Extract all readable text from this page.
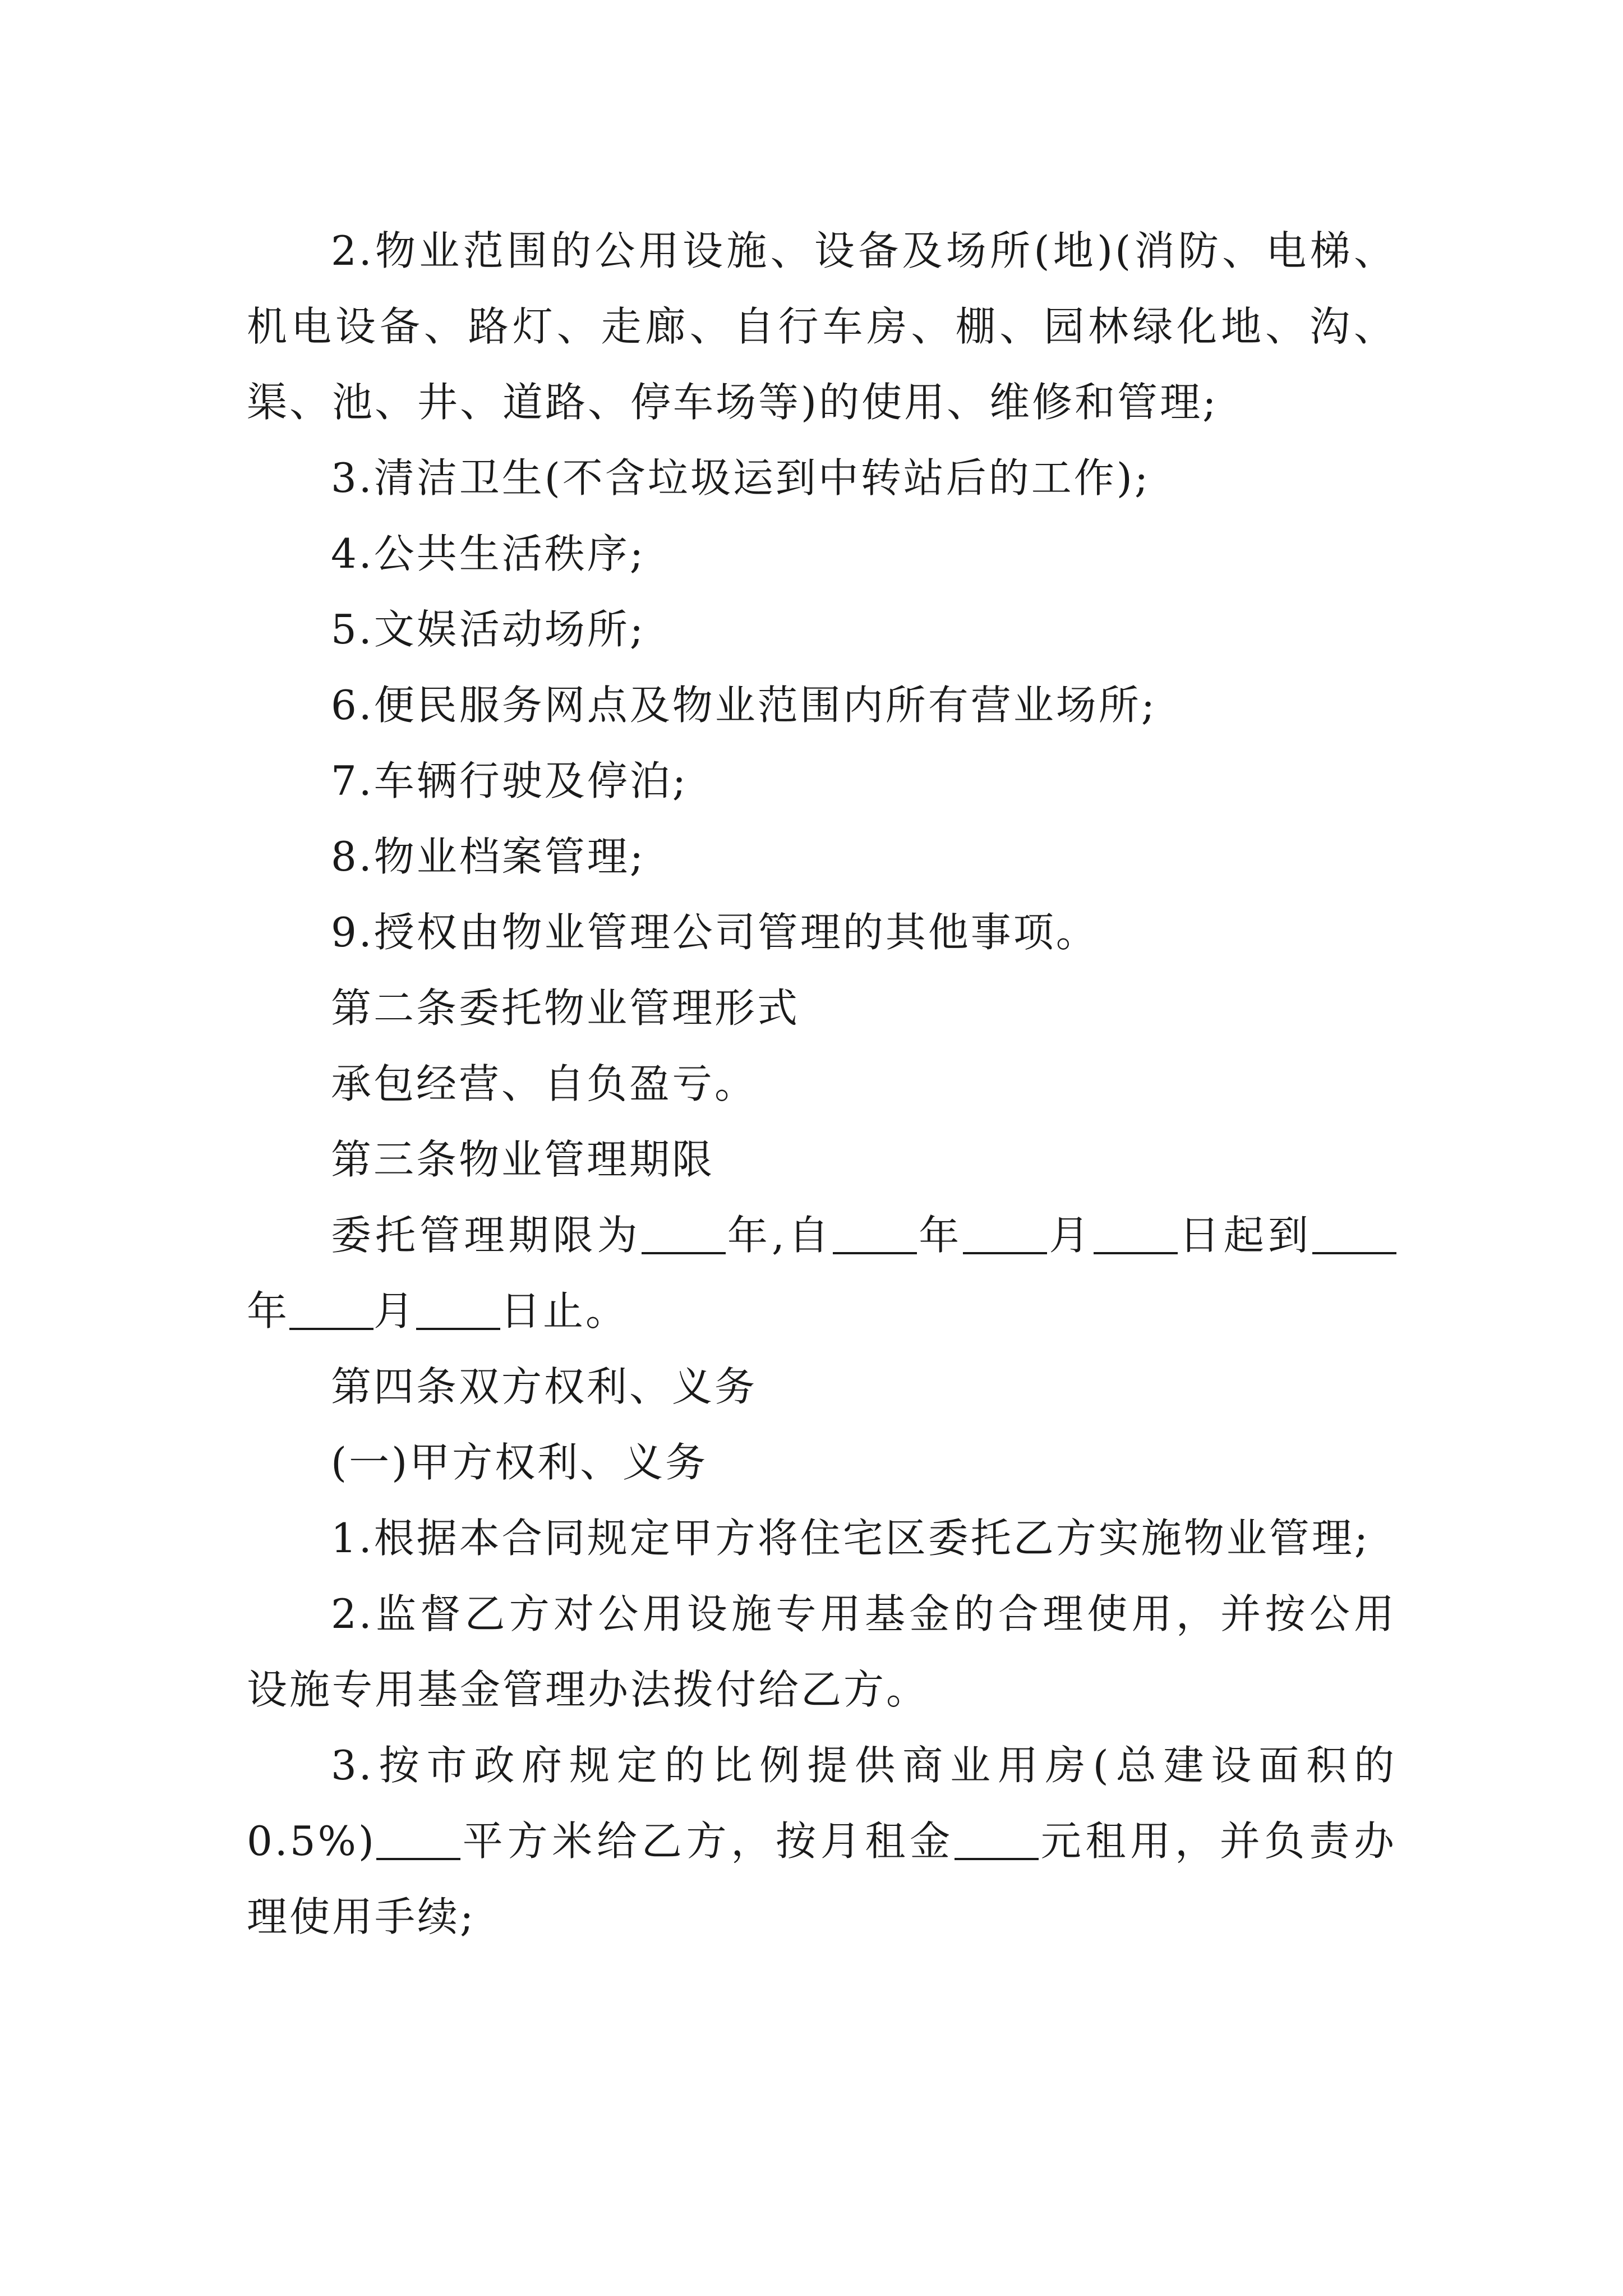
2.物业范围的公用设施、设备及场所(地)(消防、电梯、机电设备、路灯、走廊、自行车房、棚、园林绿化地、沟、渠、池、井、道路、停车场等)的使用、维修和管理;

3.清洁卫生(不含垃圾运到中转站后的工作);

4.公共生活秩序;

5.文娱活动场所;

6.便民服务网点及物业范围内所有营业场所;

7.车辆行驶及停泊;

8.物业档案管理;

9.授权由物业管理公司管理的其他事项。

第二条委托物业管理形式

承包经营、自负盈亏。

第三条物业管理期限

委托管理期限为 年,自 年 月 日起到年 月 日止。

第四条双方权利、义务

(一)甲方权利、义务

1.根据本合同规定甲方将住宅区委托乙方实施物业管理;

2.监督乙方对公用设施专用基金的合理使用，并按公用设施专用基金管理办法拨付给乙方。

3.按市政府规定的比例提供商业用房(总建设面积的0.5%) 平方米给乙方，按月租金 元租用，并负责办理使用手续;
